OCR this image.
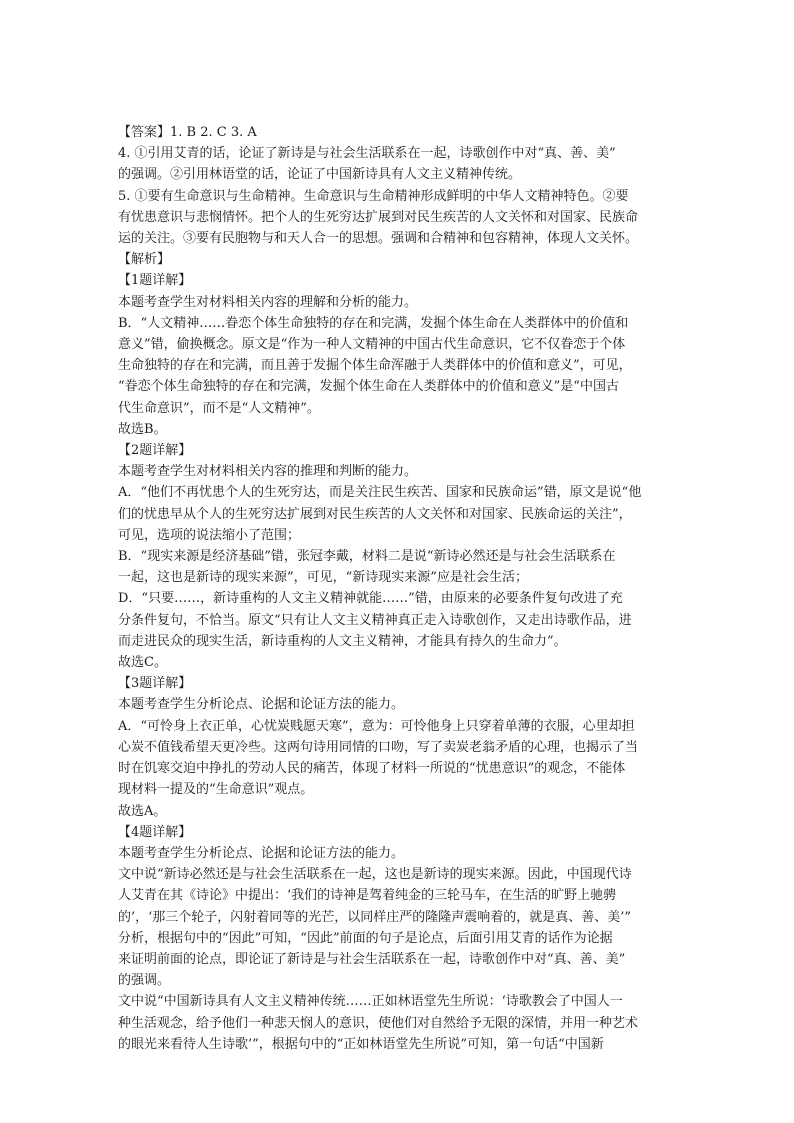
【答案】1. B 2. C 3. A
4. ①引用艾青的话，论证了新诗是与社会生活联系在一起，诗歌创作中对“真、善、美”
的强调。②引用林语堂的话，论证了中国新诗具有人文主义精神传统。
5. ①要有生命意识与生命精神。生命意识与生命精神形成鲜明的中华人文精神特色。②要
有忧患意识与悲悯情怀。把个人的生死穷达扩展到对民生疾苦的人文关怀和对国家、民族命
运的关注。③要有民胞物与和天人合一的思想。强调和合精神和包容精神，体现人文关怀。
【解析】
【1题详解】
本题考查学生对材料相关内容的理解和分析的能力。
B．“人文精神……眷恋个体生命独特的存在和完满，发掘个体生命在人类群体中的价值和
意义”错，偷换概念。原文是“作为一种人文精神的中国古代生命意识，它不仅眷恋于个体
生命独特的存在和完满，而且善于发掘个体生命浑融于人类群体中的价值和意义”，可见，
“眷恋个体生命独特的存在和完满，发掘个体生命在人类群体中的价值和意义”是“中国古
代生命意识”，而不是“人文精神”。
故选B。
【2题详解】
本题考查学生对材料相关内容的推理和判断的能力。
A．“他们不再忧患个人的生死穷达，而是关注民生疾苦、国家和民族命运”错，原文是说“他
们的忧患早从个人的生死穷达扩展到对民生疾苦的人文关怀和对国家、民族命运的关注”，
可见，选项的说法缩小了范围；
B．“现实来源是经济基础”错，张冠李戴，材料二是说“新诗必然还是与社会生活联系在
一起，这也是新诗的现实来源”，可见，“新诗现实来源”应是社会生活；
D．“只要……，新诗重构的人文主义精神就能……”错，由原来的必要条件复句改进了充
分条件复句，不恰当。原文“只有让人文主义精神真正走入诗歌创作，又走出诗歌作品，进
而走进民众的现实生活，新诗重构的人文主义精神，才能具有持久的生命力”。
故选C。
【3题详解】
本题考查学生分析论点、论据和论证方法的能力。
A．“可怜身上衣正单，心忧炭贱愿天寒”，意为：可怜他身上只穿着单薄的衣服，心里却担
心炭不值钱希望天更冷些。这两句诗用同情的口吻，写了卖炭老翁矛盾的心理，也揭示了当
时在饥寒交迫中挣扎的劳动人民的痛苦，体现了材料一所说的“忧患意识”的观念，不能体
现材料一提及的“生命意识”观点。
故选A。
【4题详解】
本题考查学生分析论点、论据和论证方法的能力。
文中说“新诗必然还是与社会生活联系在一起，这也是新诗的现实来源。因此，中国现代诗
人艾青在其《诗论》中提出：‘我们的诗神是驾着纯金的三轮马车，在生活的旷野上驰骋
的’，‘那三个轮子，闪射着同等的光芒，以同样庄严的隆隆声震响着的，就是真、善、美’”
分析，根据句中的“因此”可知，“因此”前面的句子是论点，后面引用艾青的话作为论据
来证明前面的论点，即论证了新诗是与社会生活联系在一起，诗歌创作中对“真、善、美”
的强调。
文中说“中国新诗具有人文主义精神传统……正如林语堂先生所说：‘诗歌教会了中国人一
种生活观念，给予他们一种悲天悯人的意识，使他们对自然给予无限的深情，并用一种艺术
的眼光来看待人生诗歌’”，根据句中的“正如林语堂先生所说”可知，第一句话“中国新
